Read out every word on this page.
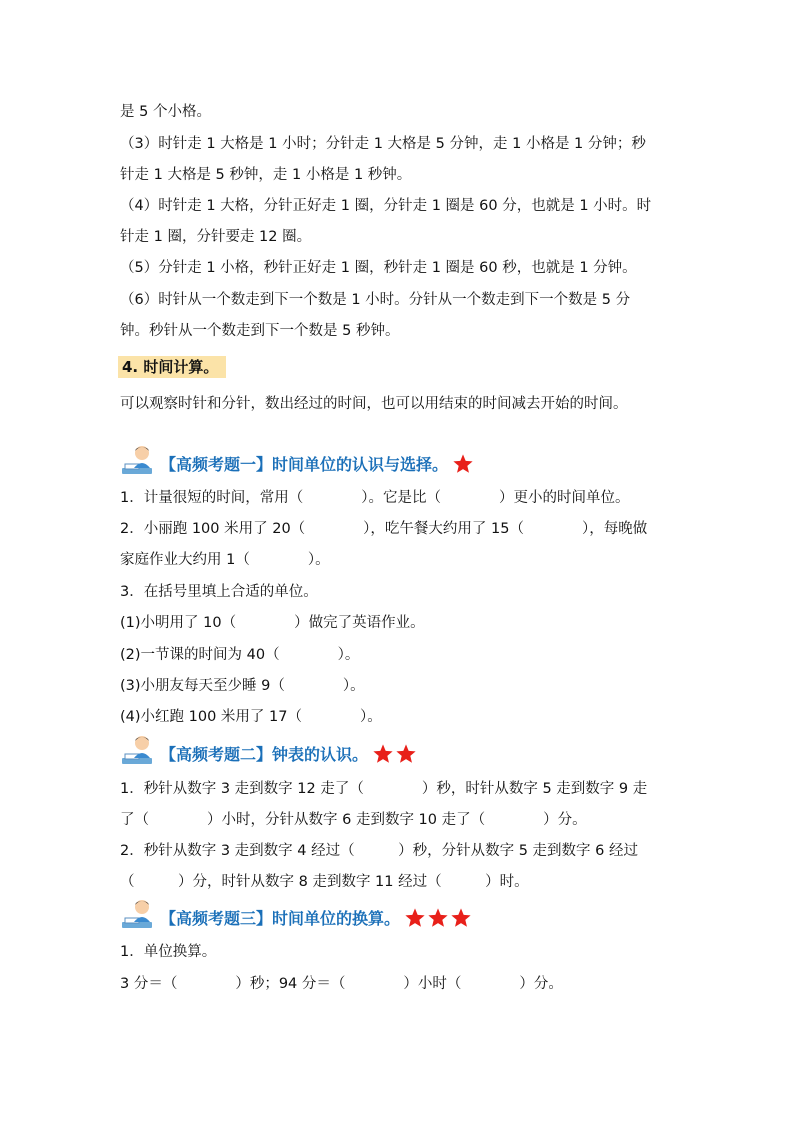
是 5 个小格。
（3）时针走 1 大格是 1 小时；分针走 1 大格是 5 分钟，走 1 小格是 1 分钟；秒
针走 1 大格是 5 秒钟，走 1 小格是 1 秒钟。
（4）时针走 1 大格，分针正好走 1 圈，分针走 1 圈是 60 分，也就是 1 小时。时
针走 1 圈，分针要走 12 圈。
（5）分针走 1 小格，秒针正好走 1 圈，秒针走 1 圈是 60 秒，也就是 1 分钟。
（6）时针从一个数走到下一个数是 1 小时。分针从一个数走到下一个数是 5 分
钟。秒针从一个数走到下一个数是 5 秒钟。
4. 时间计算。
可以观察时针和分针，数出经过的时间，也可以用结束的时间减去开始的时间。
【高频考题一】时间单位的认识与选择。
1．计量很短的时间，常用（　　　　）。它是比（　　　　）更小的时间单位。
2．小丽跑 100 米用了 20（　　　　），吃午餐大约用了 15（　　　　），每晚做
家庭作业大约用 1（　　　　）。
3．在括号里填上合适的单位。
(1)小明用了 10（　　　　）做完了英语作业。
(2)一节课的时间为 40（　　　　）。
(3)小朋友每天至少睡 9（　　　　）。
(4)小红跑 100 米用了 17（　　　　）。
【高频考题二】钟表的认识。
1．秒针从数字 3 走到数字 12 走了（　　　　）秒，时针从数字 5 走到数字 9 走
了（　　　　）小时，分针从数字 6 走到数字 10 走了（　　　　）分。
2．秒针从数字 3 走到数字 4 经过（　　　）秒，分针从数字 5 走到数字 6 经过
（　　　）分，时针从数字 8 走到数字 11 经过（　　　）时。
【高频考题三】时间单位的换算。
1．单位换算。
3 分＝（　　　　）秒；94 分＝（　　　　）小时（　　　　）分。
